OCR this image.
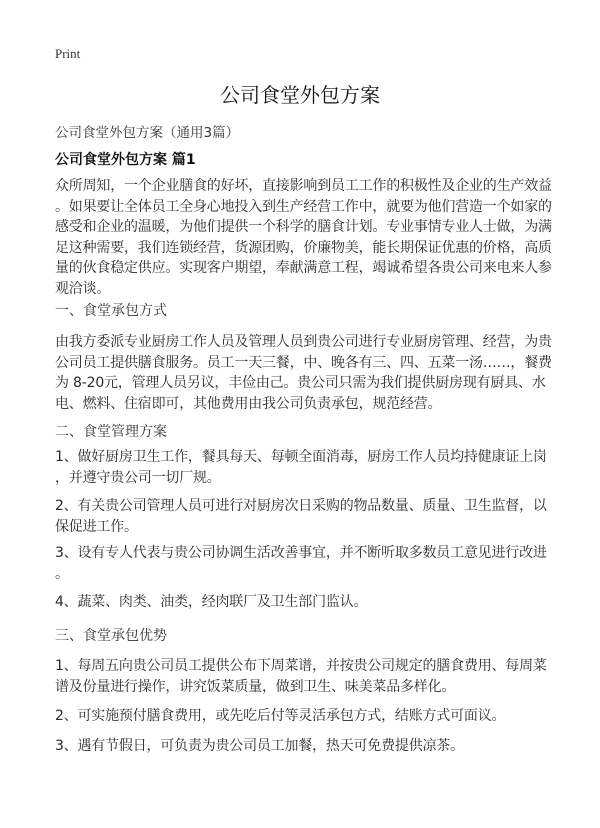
Print
公司食堂外包方案
公司食堂外包方案（通用3篇）
公司食堂外包方案 篇1
众所周知，一个企业膳食的好坏，直接影响到员工工作的积极性及企业的生产效益
。如果要让全体员工全身心地投入到生产经营工作中，就要为他们营造一个如家的
感受和企业的温暖，为他们提供一个科学的膳食计划。专业事情专业人士做，为满
足这种需要，我们连锁经营，货源团购，价廉物美，能长期保证优惠的价格，高质
量的伙食稳定供应。实现客户期望，奉献满意工程，竭诚希望各贵公司来电来人参
观洽谈。
一、食堂承包方式
由我方委派专业厨房工作人员及管理人员到贵公司进行专业厨房管理、经营，为贵
公司员工提供膳食服务。员工一天三餐，中、晚各有三、四、五菜一汤……，餐费
为 8-20元，管理人员另议，丰俭由己。贵公司只需为我们提供厨房现有厨具、水
电、燃料、住宿即可，其他费用由我公司负责承包，规范经营。
二、食堂管理方案
1、做好厨房卫生工作，餐具每天、每顿全面消毒，厨房工作人员均持健康证上岗
，并遵守贵公司一切厂规。
2、有关贵公司管理人员可进行对厨房次日采购的物品数量、质量、卫生监督，以
保促进工作。
3、设有专人代表与贵公司协调生活改善事宜，并不断听取多数员工意见进行改进
。
4、蔬菜、肉类、油类，经肉联厂及卫生部门监认。
三、食堂承包优势
1、每周五向贵公司员工提供公布下周菜谱，并按贵公司规定的膳食费用、每周菜
谱及份量进行操作，讲究饭菜质量，做到卫生、味美菜品多样化。
2、可实施预付膳食费用，或先吃后付等灵活承包方式，结账方式可面议。
3、遇有节假日，可负责为贵公司员工加餐，热天可免费提供凉茶。
